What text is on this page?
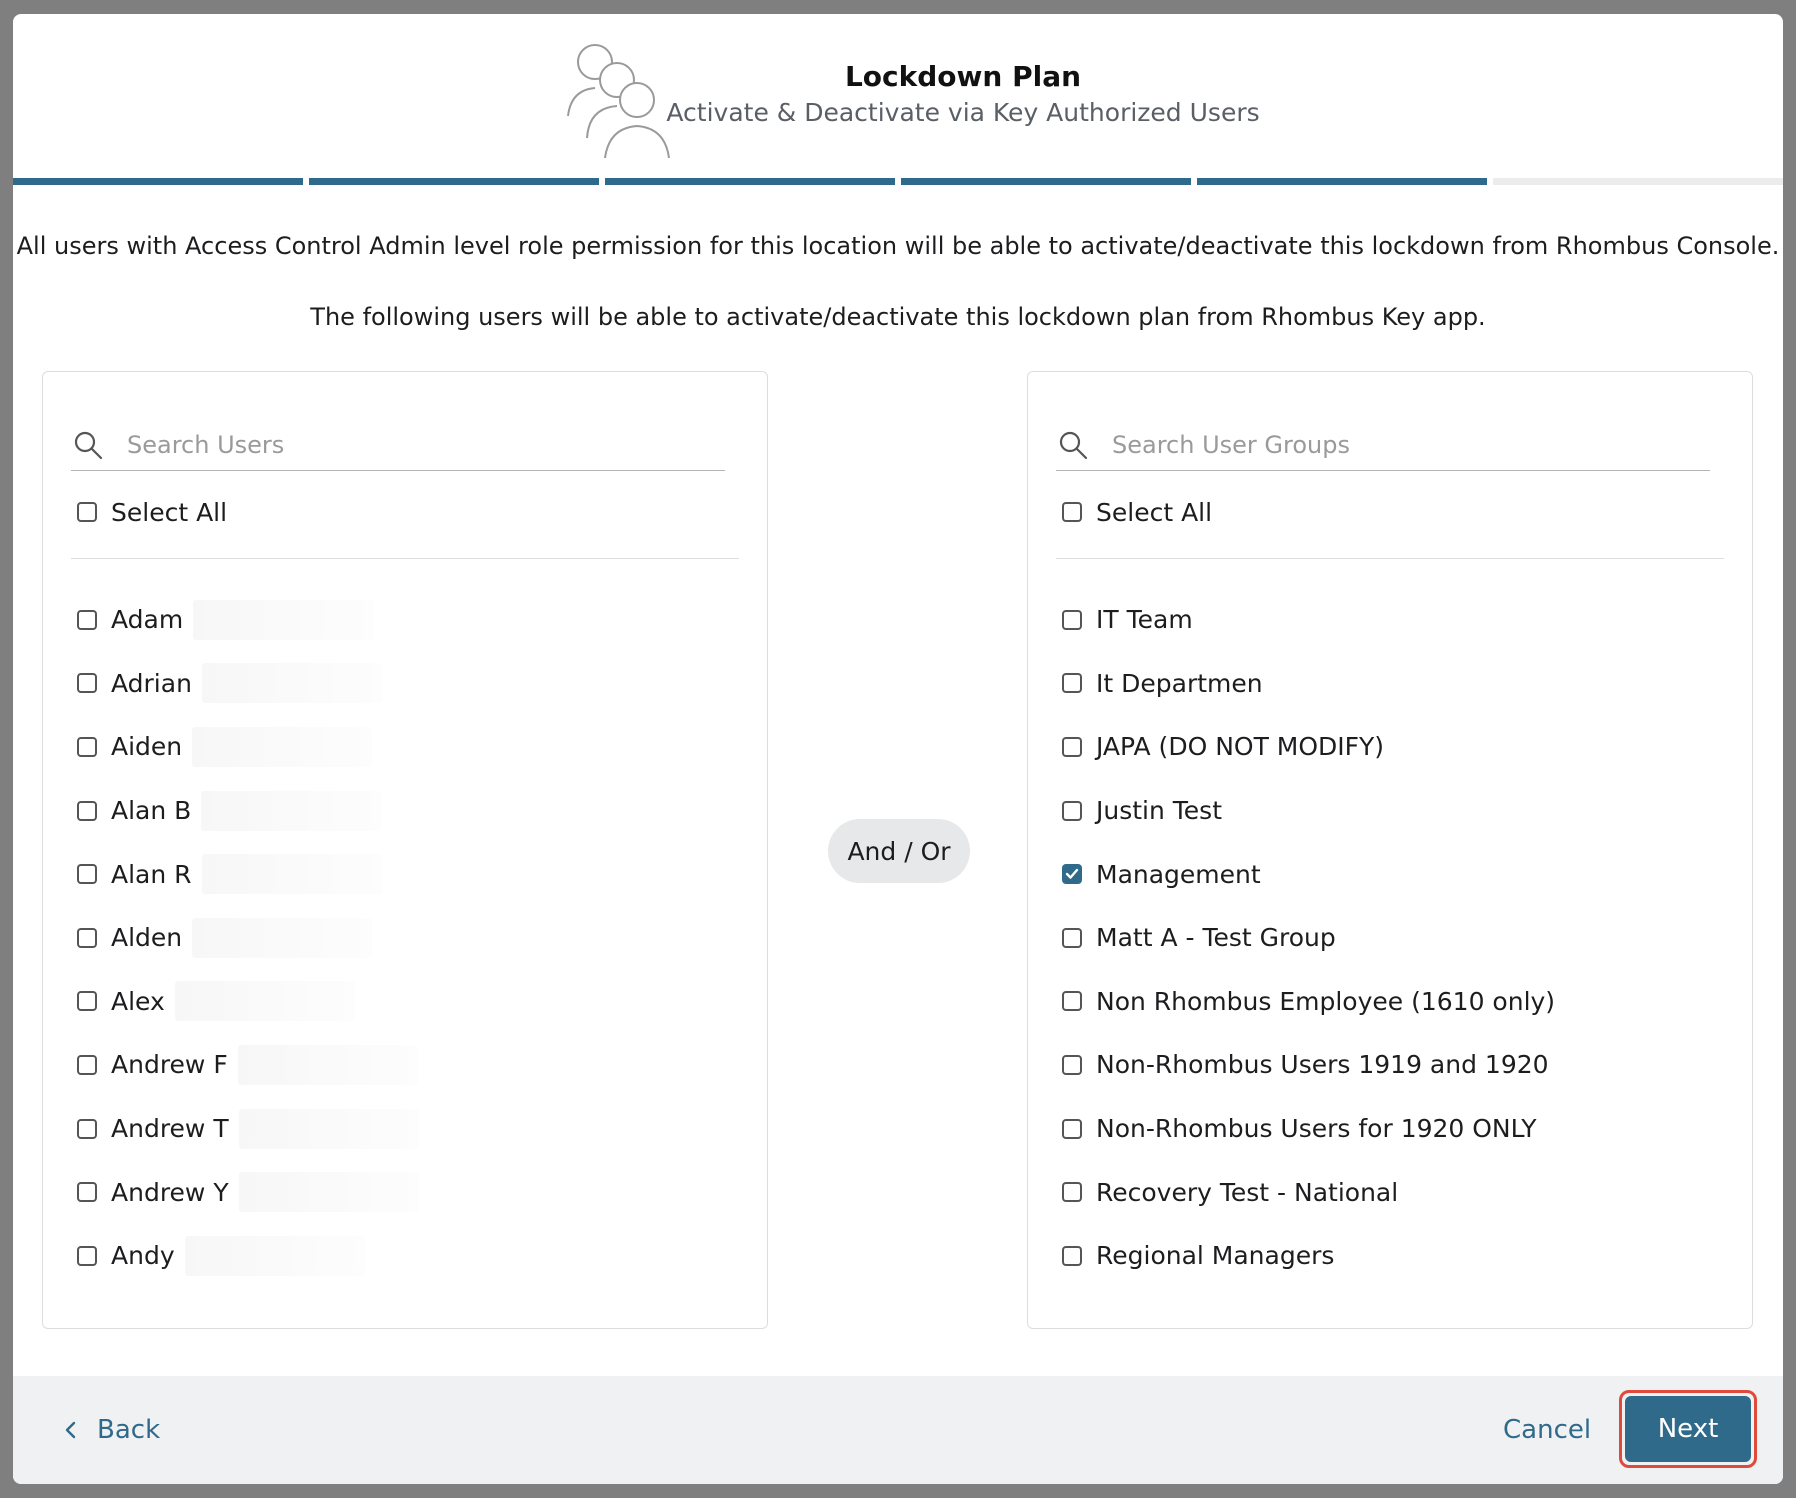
Lockdown Plan
Activate & Deactivate via Key Authorized Users
All users with Access Control Admin level role permission for this location will be able to activate/deactivate this lockdown from Rhombus Console.
The following users will be able to activate/deactivate this lockdown plan from Rhombus Key app.
Search Users
Select All
Adam
Adrian
Aiden
Alan B
Alan R
Alden
Alex
Andrew F
Andrew T
Andrew Y
Andy
And / Or
Search User Groups
Select All
IT Team
It Departmen
JAPA (DO NOT MODIFY)
Justin Test
Management
Matt A - Test Group
Non Rhombus Employee (1610 only)
Non-Rhombus Users 1919 and 1920
Non-Rhombus Users for 1920 ONLY
Recovery Test - National
Regional Managers
Back	Cancel	Next
